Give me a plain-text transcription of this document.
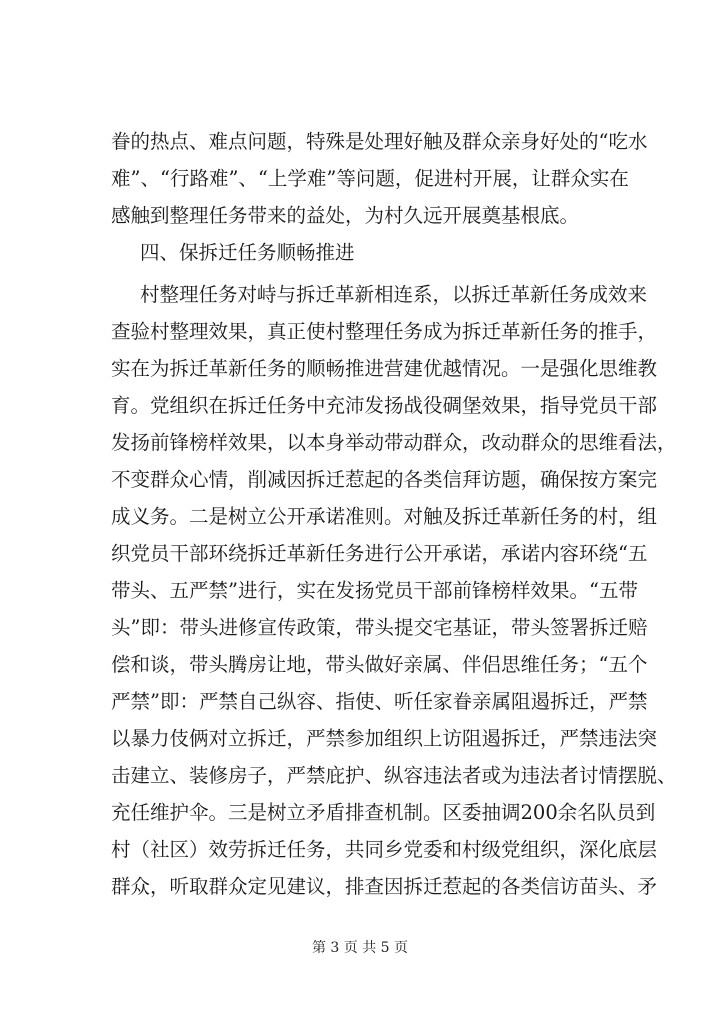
眷的热点、难点问题，特殊是处理好触及群众亲身好处的“吃水
难”、“行路难”、“上学难”等问题，促进村开展，让群众实在
感触到整理任务带来的益处，为村久远开展奠基根底。
四、保拆迁任务顺畅推进
村整理任务对峙与拆迁革新相连系，以拆迁革新任务成效来
查验村整理效果，真正使村整理任务成为拆迁革新任务的推手，
实在为拆迁革新任务的顺畅推进营建优越情况。一是强化思维教
育。党组织在拆迁任务中充沛发扬战役碉堡效果，指导党员干部
发扬前锋榜样效果，以本身举动带动群众，改动群众的思维看法，
不变群众心情，削减因拆迁惹起的各类信拜访题，确保按方案完
成义务。二是树立公开承诺准则。对触及拆迁革新任务的村，组
织党员干部环绕拆迁革新任务进行公开承诺，承诺内容环绕“五
带头、五严禁”进行，实在发扬党员干部前锋榜样效果。“五带
头”即：带头进修宣传政策，带头提交宅基证，带头签署拆迁赔
偿和谈，带头腾房让地，带头做好亲属、伴侣思维任务；“五个
严禁”即：严禁自己纵容、指使、听任家眷亲属阻遏拆迁，严禁
以暴力伎俩对立拆迁，严禁参加组织上访阻遏拆迁，严禁违法突
击建立、装修房子，严禁庇护、纵容违法者或为违法者讨情摆脱、
充任维护伞。三是树立矛盾排查机制。区委抽调200余名队员到
村（社区）效劳拆迁任务，共同乡党委和村级党组织，深化底层
群众，听取群众定见建议，排查因拆迁惹起的各类信访苗头、矛
第 3 页 共 5 页
